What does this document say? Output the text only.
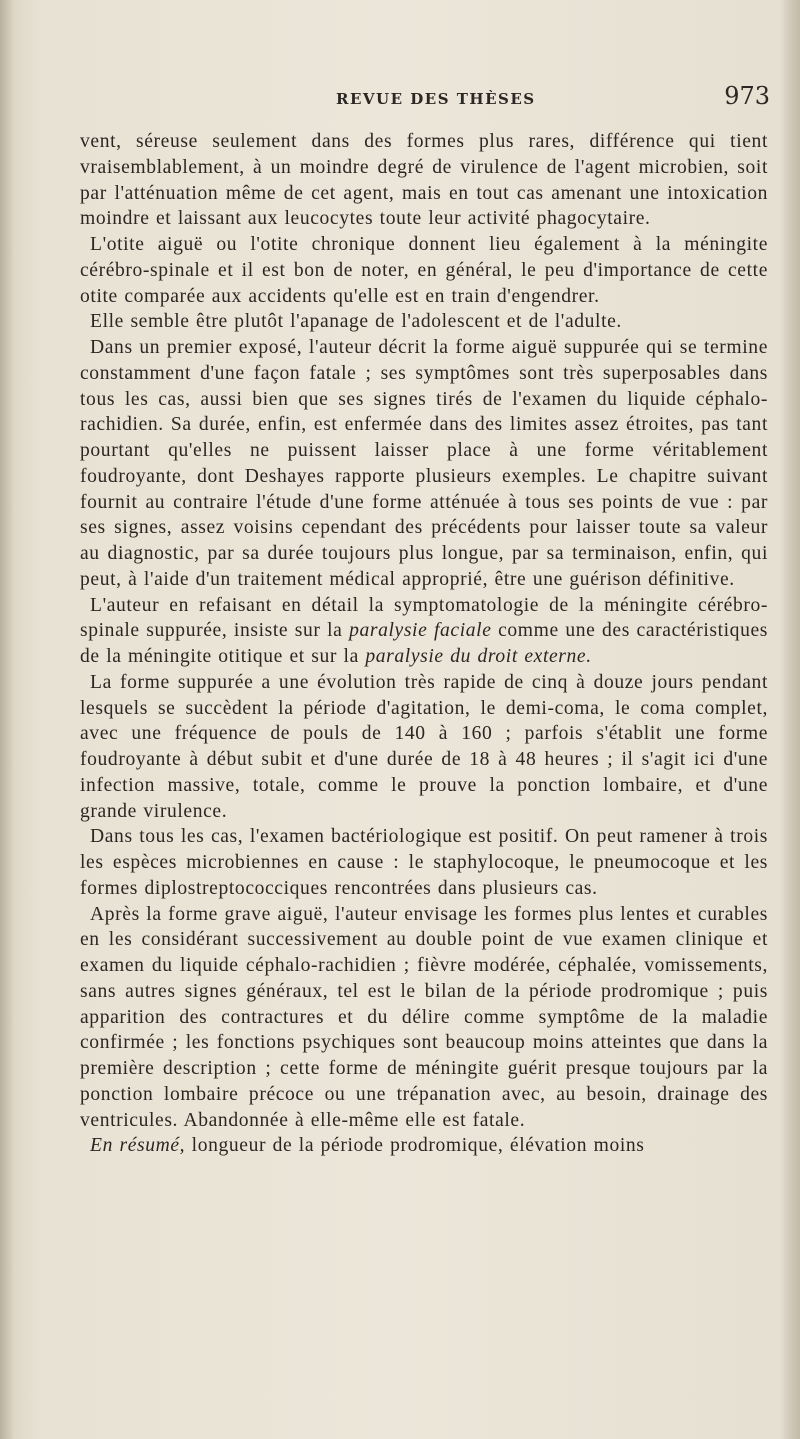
REVUE DES THÈSES	973

vent, séreuse seulement dans des formes plus rares, différence qui tient vraisemblablement, à un moindre degré de virulence de l'agent microbien, soit par l'atténuation même de cet agent, mais en tout cas amenant une intoxication moindre et laissant aux leucocytes toute leur activité phagocytaire.

L'otite aiguë ou l'otite chronique donnent lieu également à la méningite cérébro-spinale et il est bon de noter, en général, le peu d'importance de cette otite comparée aux accidents qu'elle est en train d'engendrer.

Elle semble être plutôt l'apanage de l'adolescent et de l'adulte.

Dans un premier exposé, l'auteur décrit la forme aiguë suppurée qui se termine constamment d'une façon fatale ; ses symptômes sont très superposables dans tous les cas, aussi bien que ses signes tirés de l'examen du liquide céphalo-rachidien. Sa durée, enfin, est enfermée dans des limites assez étroites, pas tant pourtant qu'elles ne puissent laisser place à une forme véritablement foudroyante, dont Deshayes rapporte plusieurs exemples. Le chapitre suivant fournit au contraire l'étude d'une forme atténuée à tous ses points de vue : par ses signes, assez voisins cependant des précédents pour laisser toute sa valeur au diagnostic, par sa durée toujours plus longue, par sa terminaison, enfin, qui peut, à l'aide d'un traitement médical approprié, être une guérison définitive.

L'auteur en refaisant en détail la symptomatologie de la méningite cérébro-spinale suppurée, insiste sur la paralysie faciale comme une des caractéristiques de la méningite otitique et sur la paralysie du droit externe.

La forme suppurée a une évolution très rapide de cinq à douze jours pendant lesquels se succèdent la période d'agitation, le demi-coma, le coma complet, avec une fréquence de pouls de 140 à 160 ; parfois s'établit une forme foudroyante à début subit et d'une durée de 18 à 48 heures ; il s'agit ici d'une infection massive, totale, comme le prouve la ponction lombaire, et d'une grande virulence.

Dans tous les cas, l'examen bactériologique est positif. On peut ramener à trois les espèces microbiennes en cause : le staphylocoque, le pneumocoque et les formes diplostreptococciques rencontrées dans plusieurs cas.

Après la forme grave aiguë, l'auteur envisage les formes plus lentes et curables en les considérant successivement au double point de vue examen clinique et examen du liquide céphalo-rachidien ; fièvre modérée, céphalée, vomissements, sans autres signes généraux, tel est le bilan de la période prodromique ; puis apparition des contractures et du délire comme symptôme de la maladie confirmée ; les fonctions psychiques sont beaucoup moins atteintes que dans la première description ; cette forme de méningite guérit presque toujours par la ponction lombaire précoce ou une trépanation avec, au besoin, drainage des ventricules. Abandonnée à elle-même elle est fatale.

En résumé, longueur de la période prodromique, élévation moins
